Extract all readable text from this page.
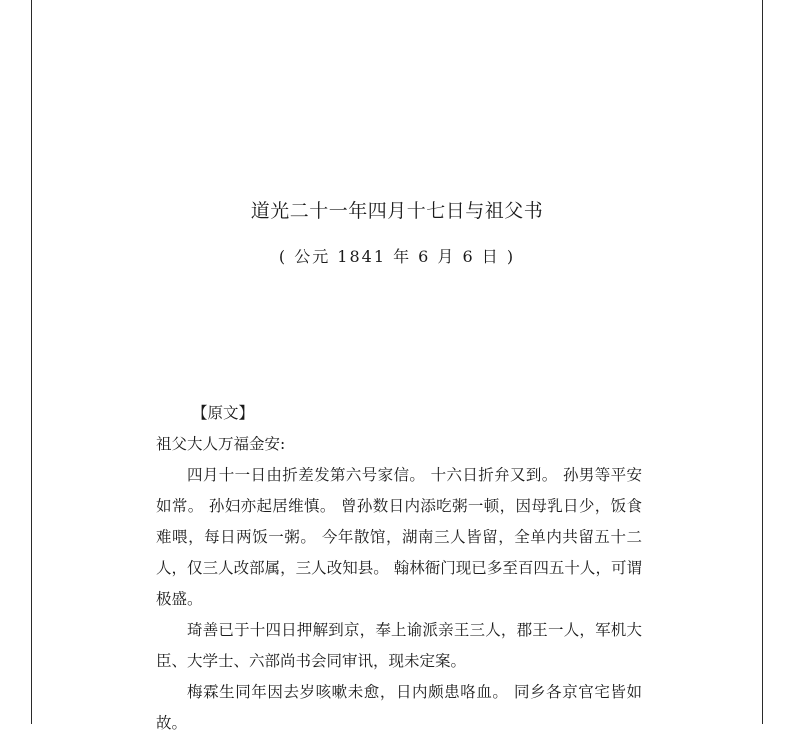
道光二十一年四月十七日与祖父书
( 公元 1841 年 6 月 6 日 )
【原文】
祖父大人万福金安:
四月十一日由折差发第六号家信。 十六日折弁又到。 孙男等平安如常。 孙妇亦起居维慎。 曾孙数日内添吃粥一顿，因母乳日少，饭食难喂，每日两饭一粥。 今年散馆，湖南三人皆留，全单内共留五十二人，仅三人改部属，三人改知县。 翰林衙门现已多至百四五十人，可谓极盛。
琦善已于十四日押解到京，奉上谕派亲王三人，郡王一人，军机大臣、大学士、六部尚书会同审讯，现未定案。
梅霖生同年因去岁咳嗽未愈，日内颇患咯血。 同乡各京官宅皆如故。
